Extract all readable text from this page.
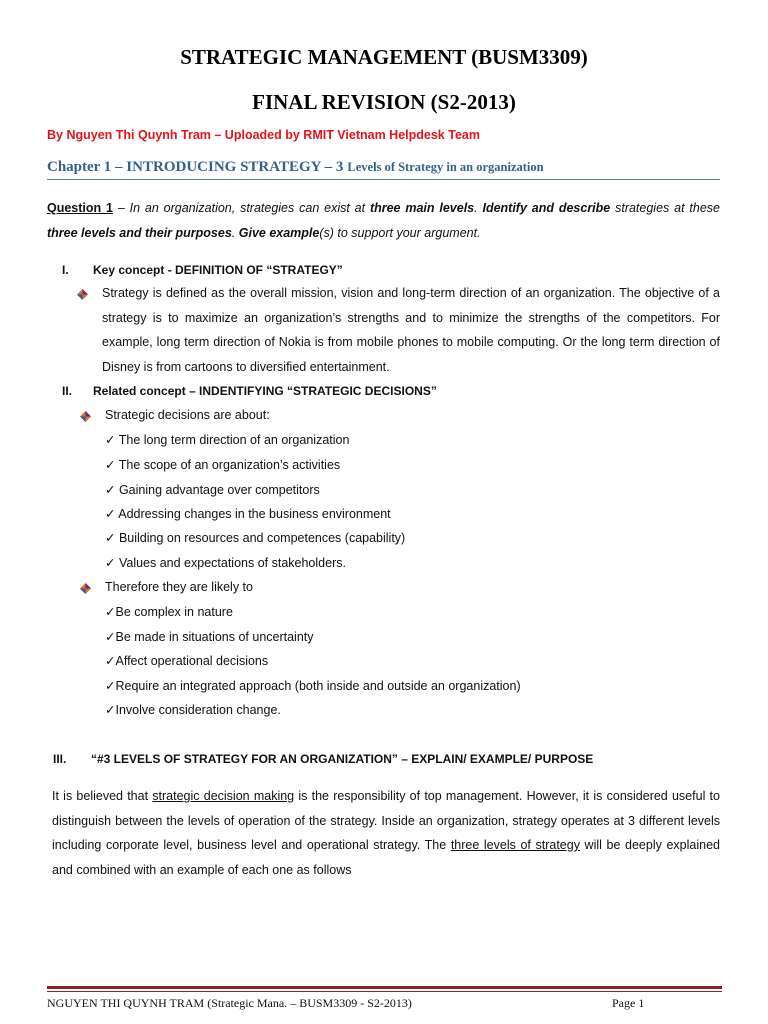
STRATEGIC MANAGEMENT (BUSM3309)
FINAL REVISION (S2-2013)
By Nguyen Thi Quynh Tram – Uploaded by RMIT Vietnam Helpdesk Team
Chapter 1 – INTRODUCING STRATEGY – 3 Levels of Strategy in an organization
Question 1 – In an organization, strategies can exist at three main levels. Identify and describe strategies at these three levels and their purposes. Give example(s) to support your argument.
I.	Key concept - DEFINITION OF “STRATEGY”
Strategy is defined as the overall mission, vision and long-term direction of an organization. The objective of a strategy is to maximize an organization’s strengths and to minimize the strengths of the competitors. For example, long term direction of Nokia is from mobile phones to mobile computing. Or the long term direction of Disney is from cartoons to diversified entertainment.
II.	Related concept – INDENTIFYING “STRATEGIC DECISIONS”
Strategic decisions are about:
✓ The long term direction of an organization
✓ The scope of an organization’s activities
✓ Gaining advantage over competitors
✓ Addressing changes in the business environment
✓ Building on resources and competences (capability)
✓ Values and expectations of stakeholders.
Therefore they are likely to
✓Be complex in nature
✓Be made in situations of uncertainty
✓Affect operational decisions
✓Require an integrated approach (both inside and outside an organization)
✓Involve consideration change.
III.	“#3 LEVELS OF STRATEGY FOR AN ORGANIZATION” – EXPLAIN/ EXAMPLE/ PURPOSE
It is believed that strategic decision making is the responsibility of top management. However, it is considered useful to distinguish between the levels of operation of the strategy. Inside an organization, strategy operates at 3 different levels including corporate level, business level and operational strategy. The three levels of strategy will be deeply explained and combined with an example of each one as follows
NGUYEN THI QUYNH TRAM (Strategic Mana. – BUSM3309 - S2-2013)	Page 1
